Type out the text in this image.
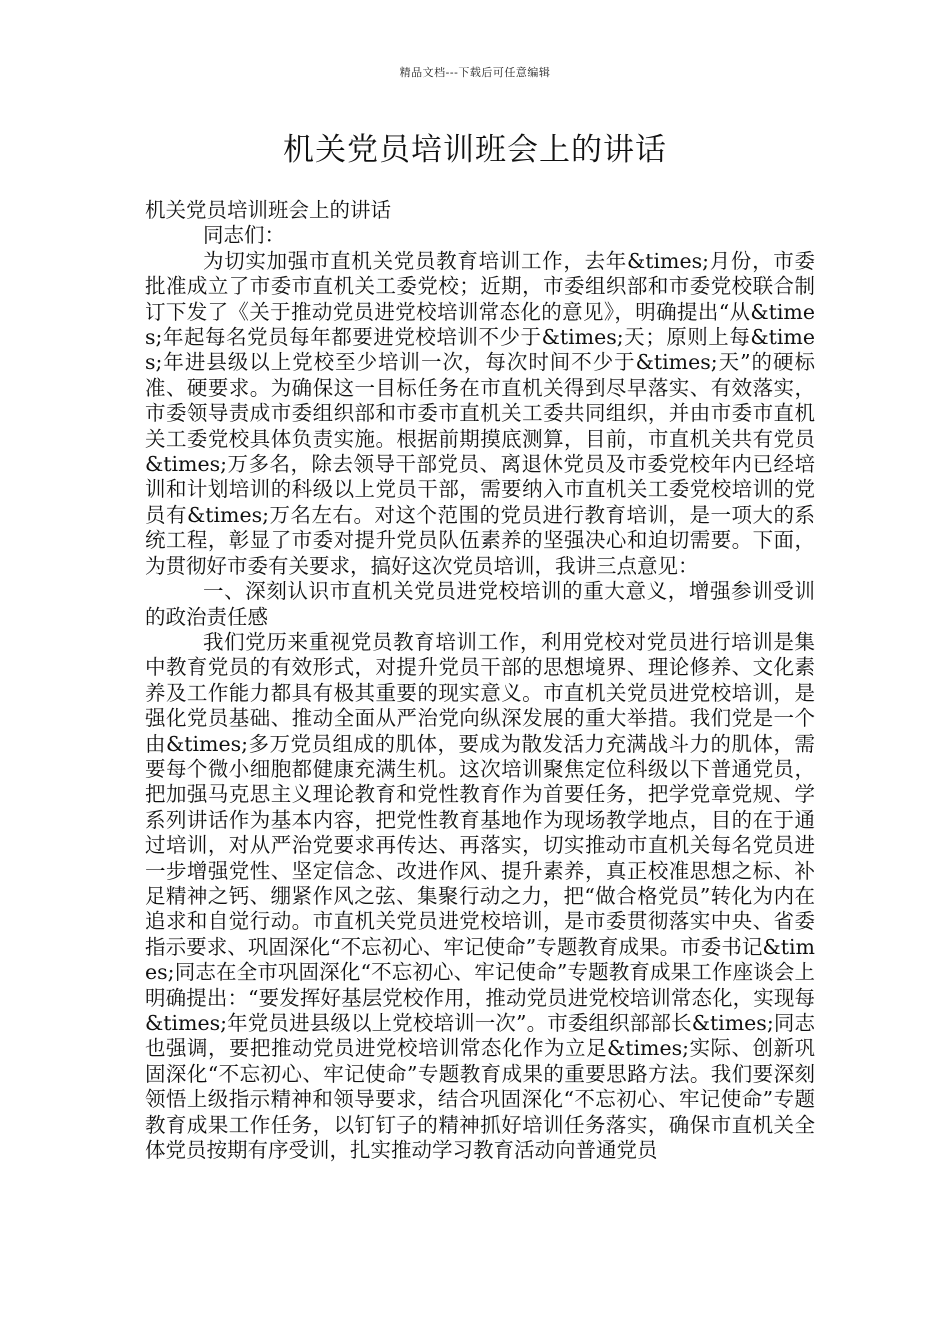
精品文档---下载后可任意编辑
机关党员培训班会上的讲话

机关党员培训班会上的讲话

同志们：

为切实加强市直机关党员教育培训工作，去年&times;月份，市委批准成立了市委市直机关工委党校；近期，市委组织部和市委党校联合制订下发了《关于推动党员进党校培训常态化的意见》，明确提出“从&times;年起每名党员每年都要进党校培训不少于&times;天；原则上每&times;年进县级以上党校至少培训一次，每次时间不少于&times;天”的硬标准、硬要求。为确保这一目标任务在市直机关得到尽早落实、有效落实，市委领导责成市委组织部和市委市直机关工委共同组织，并由市委市直机关工委党校具体负责实施。根据前期摸底测算，目前，市直机关共有党员&times;万多名，除去领导干部党员、离退休党员及市委党校年内已经培训和计划培训的科级以上党员干部，需要纳入市直机关工委党校培训的党员有&times;万名左右。对这个范围的党员进行教育培训，是一项大的系统工程，彰显了市委对提升党员队伍素养的坚强决心和迫切需要。下面，为贯彻好市委有关要求，搞好这次党员培训，我讲三点意见：

一、深刻认识市直机关党员进党校培训的重大意义，增强参训受训的政治责任感

我们党历来重视党员教育培训工作，利用党校对党员进行培训是集中教育党员的有效形式，对提升党员干部的思想境界、理论修养、文化素养及工作能力都具有极其重要的现实意义。市直机关党员进党校培训，是强化党员基础、推动全面从严治党向纵深发展的重大举措。我们党是一个由&times;多万党员组成的肌体，要成为散发活力充满战斗力的肌体，需要每个微小细胞都健康充满生机。这次培训聚焦定位科级以下普通党员，把加强马克思主义理论教育和党性教育作为首要任务，把学党章党规、学系列讲话作为基本内容，把党性教育基地作为现场教学地点，目的在于通过培训，对从严治党要求再传达、再落实，切实推动市直机关每名党员进一步增强党性、坚定信念、改进作风、提升素养，真正校准思想之标、补足精神之钙、绷紧作风之弦、集聚行动之力，把“做合格党员”转化为内在追求和自觉行动。市直机关党员进党校培训，是市委贯彻落实中央、省委指示要求、巩固深化“不忘初心、牢记使命”专题教育成果。市委书记&times;同志在全市巩固深化“不忘初心、牢记使命”专题教育成果工作座谈会上明确提出：“要发挥好基层党校作用，推动党员进党校培训常态化，实现每&times;年党员进县级以上党校培训一次”。市委组织部部长&times;同志也强调，要把推动党员进党校培训常态化作为立足&times;实际、创新巩固深化“不忘初心、牢记使命”专题教育成果的重要思路方法。我们要深刻领悟上级指示精神和领导要求，结合巩固深化“不忘初心、牢记使命”专题教育成果工作任务，以钉钉子的精神抓好培训任务落实，确保市直机关全体党员按期有序受训，扎实推动学习教育活动向普通党员
